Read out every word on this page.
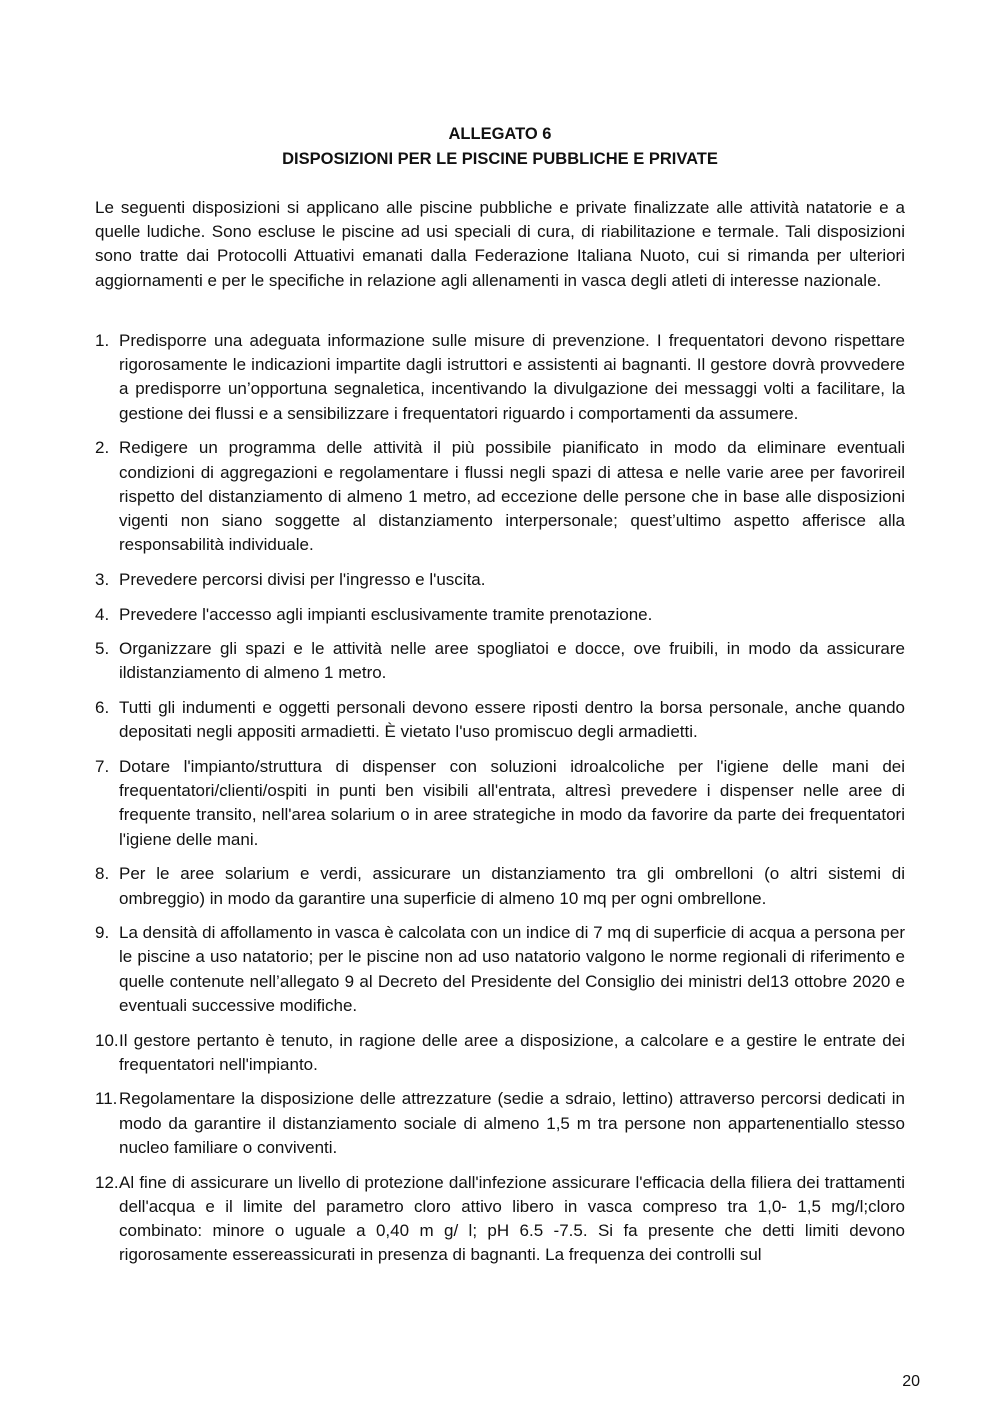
ALLEGATO 6
DISPOSIZIONI PER LE PISCINE PUBBLICHE E PRIVATE

Le seguenti disposizioni si applicano alle piscine pubbliche e private finalizzate alle attività natatorie e a quelle ludiche. Sono escluse le piscine ad usi speciali di cura, di riabilitazione e termale. Tali disposizioni sono tratte dai Protocolli Attuativi emanati dalla Federazione Italiana Nuoto, cui si rimanda per ulteriori aggiornamenti e per le specifiche in relazione agli allenamenti in vasca degli atleti di interesse nazionale.

1. Predisporre una adeguata informazione sulle misure di prevenzione. I frequentatori devono rispettare rigorosamente le indicazioni impartite dagli istruttori e assistenti ai bagnanti. Il gestore dovrà provvedere a predisporre un’opportuna segnaletica, incentivando la divulgazione dei messaggi volti a facilitare, la gestione dei flussi e a sensibilizzare i frequentatori riguardo i comportamenti da assumere.
2. Redigere un programma delle attività il più possibile pianificato in modo da eliminare eventuali condizioni di aggregazioni e regolamentare i flussi negli spazi di attesa e nelle varie aree per favorireil rispetto del distanziamento di almeno 1 metro, ad eccezione delle persone che in base alle disposizioni vigenti non siano soggette al distanziamento interpersonale; quest’ultimo aspetto afferisce alla responsabilità individuale.
3. Prevedere percorsi divisi per l'ingresso e l'uscita.
4. Prevedere l'accesso agli impianti esclusivamente tramite prenotazione.
5. Organizzare gli spazi e le attività nelle aree spogliatoi e docce, ove fruibili, in modo da assicurare ildistanziamento di almeno 1 metro.
6. Tutti gli indumenti e oggetti personali devono essere riposti dentro la borsa personale, anche quando depositati negli appositi armadietti. È vietato l'uso promiscuo degli armadietti.
7. Dotare l'impianto/struttura di dispenser con soluzioni idroalcoliche per l'igiene delle mani dei frequentatori/clienti/ospiti in punti ben visibili all'entrata, altresì prevedere i dispenser nelle aree di frequente transito, nell'area solarium o in aree strategiche in modo da favorire da parte dei frequentatori l'igiene delle mani.
8. Per le aree solarium e verdi, assicurare un distanziamento tra gli ombrelloni (o altri sistemi di ombreggio) in modo da garantire una superficie di almeno 10 mq per ogni ombrellone.
9. La densità di affollamento in vasca è calcolata con un indice di 7 mq di superficie di acqua a persona per le piscine a uso natatorio; per le piscine non ad uso natatorio valgono le norme regionali di riferimento e quelle contenute nell’allegato 9 al Decreto del Presidente del Consiglio dei ministri del13 ottobre 2020 e eventuali successive modifiche.
10. Il gestore pertanto è tenuto, in ragione delle aree a disposizione, a calcolare e a gestire le entrate dei frequentatori nell'impianto.
11. Regolamentare la disposizione delle attrezzature (sedie a sdraio, lettino) attraverso percorsi dedicati in modo da garantire il distanziamento sociale di almeno 1,5 m tra persone non appartenentiallo stesso nucleo familiare o conviventi.
12. Al fine di assicurare un livello di protezione dall'infezione assicurare l'efficacia della filiera dei trattamenti dell'acqua e il limite del parametro cloro attivo libero in vasca compreso tra 1,0- 1,5 mg/l;cloro combinato: minore o uguale a 0,40 m g/ l; pH 6.5 -7.5. Si fa presente che detti limiti devono rigorosamente essereassicurati in presenza di bagnanti. La frequenza dei controlli sul
20
